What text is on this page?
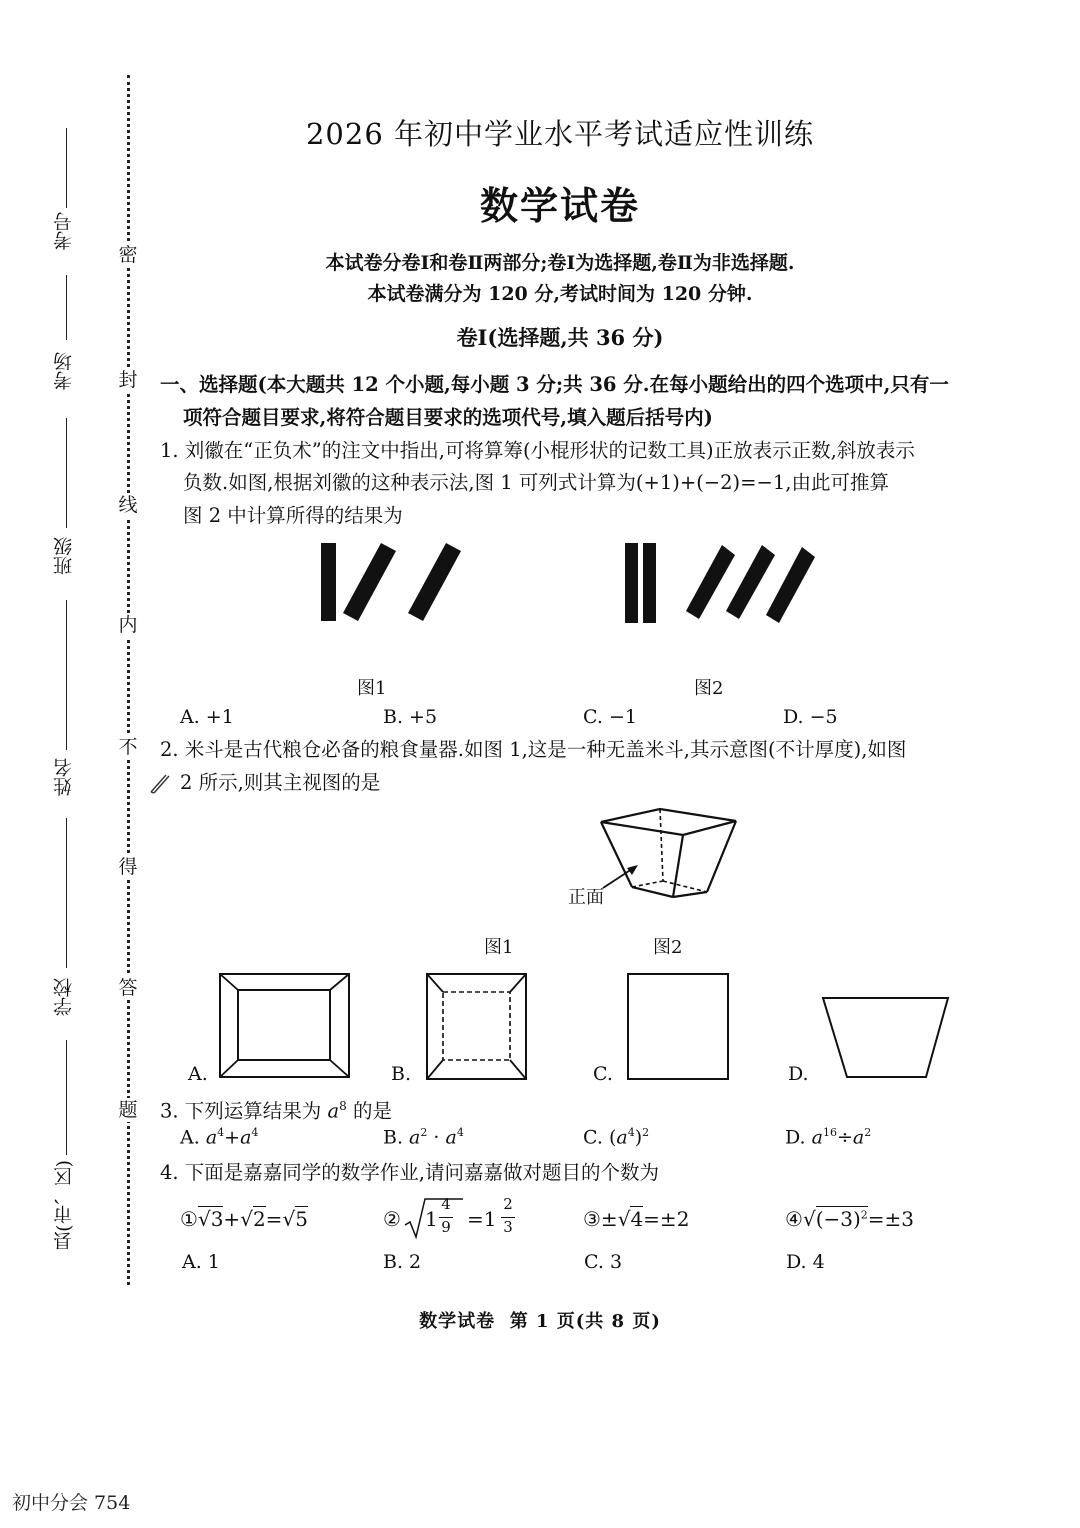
密
封
线
内
不
得
答
题
考号
考场
班级
姓名
学校
县(市、区)
2026 年初中学业水平考试适应性训练
数学试卷
本试卷分卷Ⅰ和卷Ⅱ两部分;卷Ⅰ为选择题,卷Ⅱ为非选择题.
本试卷满分为 120 分,考试时间为 120 分钟.
卷Ⅰ(选择题,共 36 分)
一、选择题(本大题共 12 个小题,每小题 3 分;共 36 分.在每小题给出的四个选项中,只有一
项符合题目要求,将符合题目要求的选项代号,填入题后括号内)
1. 刘徽在“正负术”的注文中指出,可将算筹(小棍形状的记数工具)正放表示正数,斜放表示
负数.如图,根据刘徽的这种表示法,图 1 可列式计算为(+1)+(−2)=−1,由此可推算
图 2 中计算所得的结果为
图1	图2
A. +1	B. +5	C. −1	D. −5
2. 米斗是古代粮仓必备的粮食量器.如图 1,这是一种无盖米斗,其示意图(不计厚度),如图
2 所示,则其主视图的是
正面
图1	图2
A.	B.	C.	D.
3. 下列运算结果为 $a^8$ 的是
A. $a^4+a^4$	B. $a^2 \cdot a^4$	C. $(a^4)^2$	D. $a^{16}\div a^2$
4. 下面是嘉嘉同学的数学作业,请问嘉嘉做对题目的个数为
①√3+√2=√5	② 1
4
9 =1
2
3	③±√4=±2	$④√(-3)^2=\pm 3$
A. 1	B. 2	C. 3	D. 4
数学试卷  第 1 页(共 8 页)
初中分会 754
